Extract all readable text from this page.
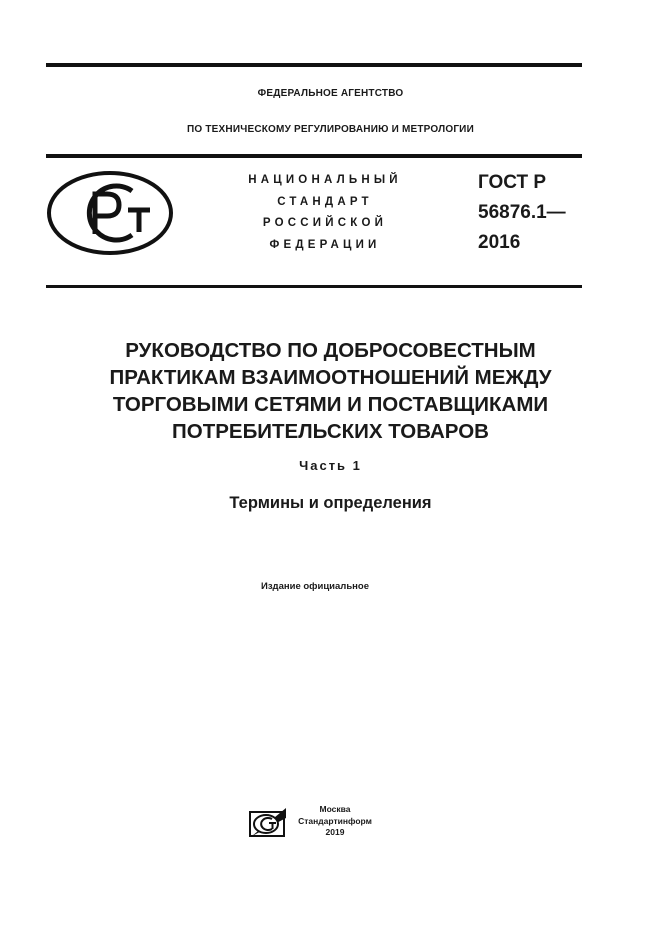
ФЕДЕРАЛЬНОЕ АГЕНТСТВО
ПО ТЕХНИЧЕСКОМУ РЕГУЛИРОВАНИЮ И МЕТРОЛОГИИ
НАЦИОНАЛЬНЫЙ
СТАНДАРТ
РОССИЙСКОЙ
ФЕДЕРАЦИИ
ГОСТ Р
56876.1—
2016
РУКОВОДСТВО ПО ДОБРОСОВЕСТНЫМ
ПРАКТИКАМ ВЗАИМООТНОШЕНИЙ МЕЖДУ
ТОРГОВЫМИ СЕТЯМИ И ПОСТАВЩИКАМИ
ПОТРЕБИТЕЛЬСКИХ ТОВАРОВ
Часть 1
Термины и определения
Издание официальное
Москва
Стандартинформ
2019
